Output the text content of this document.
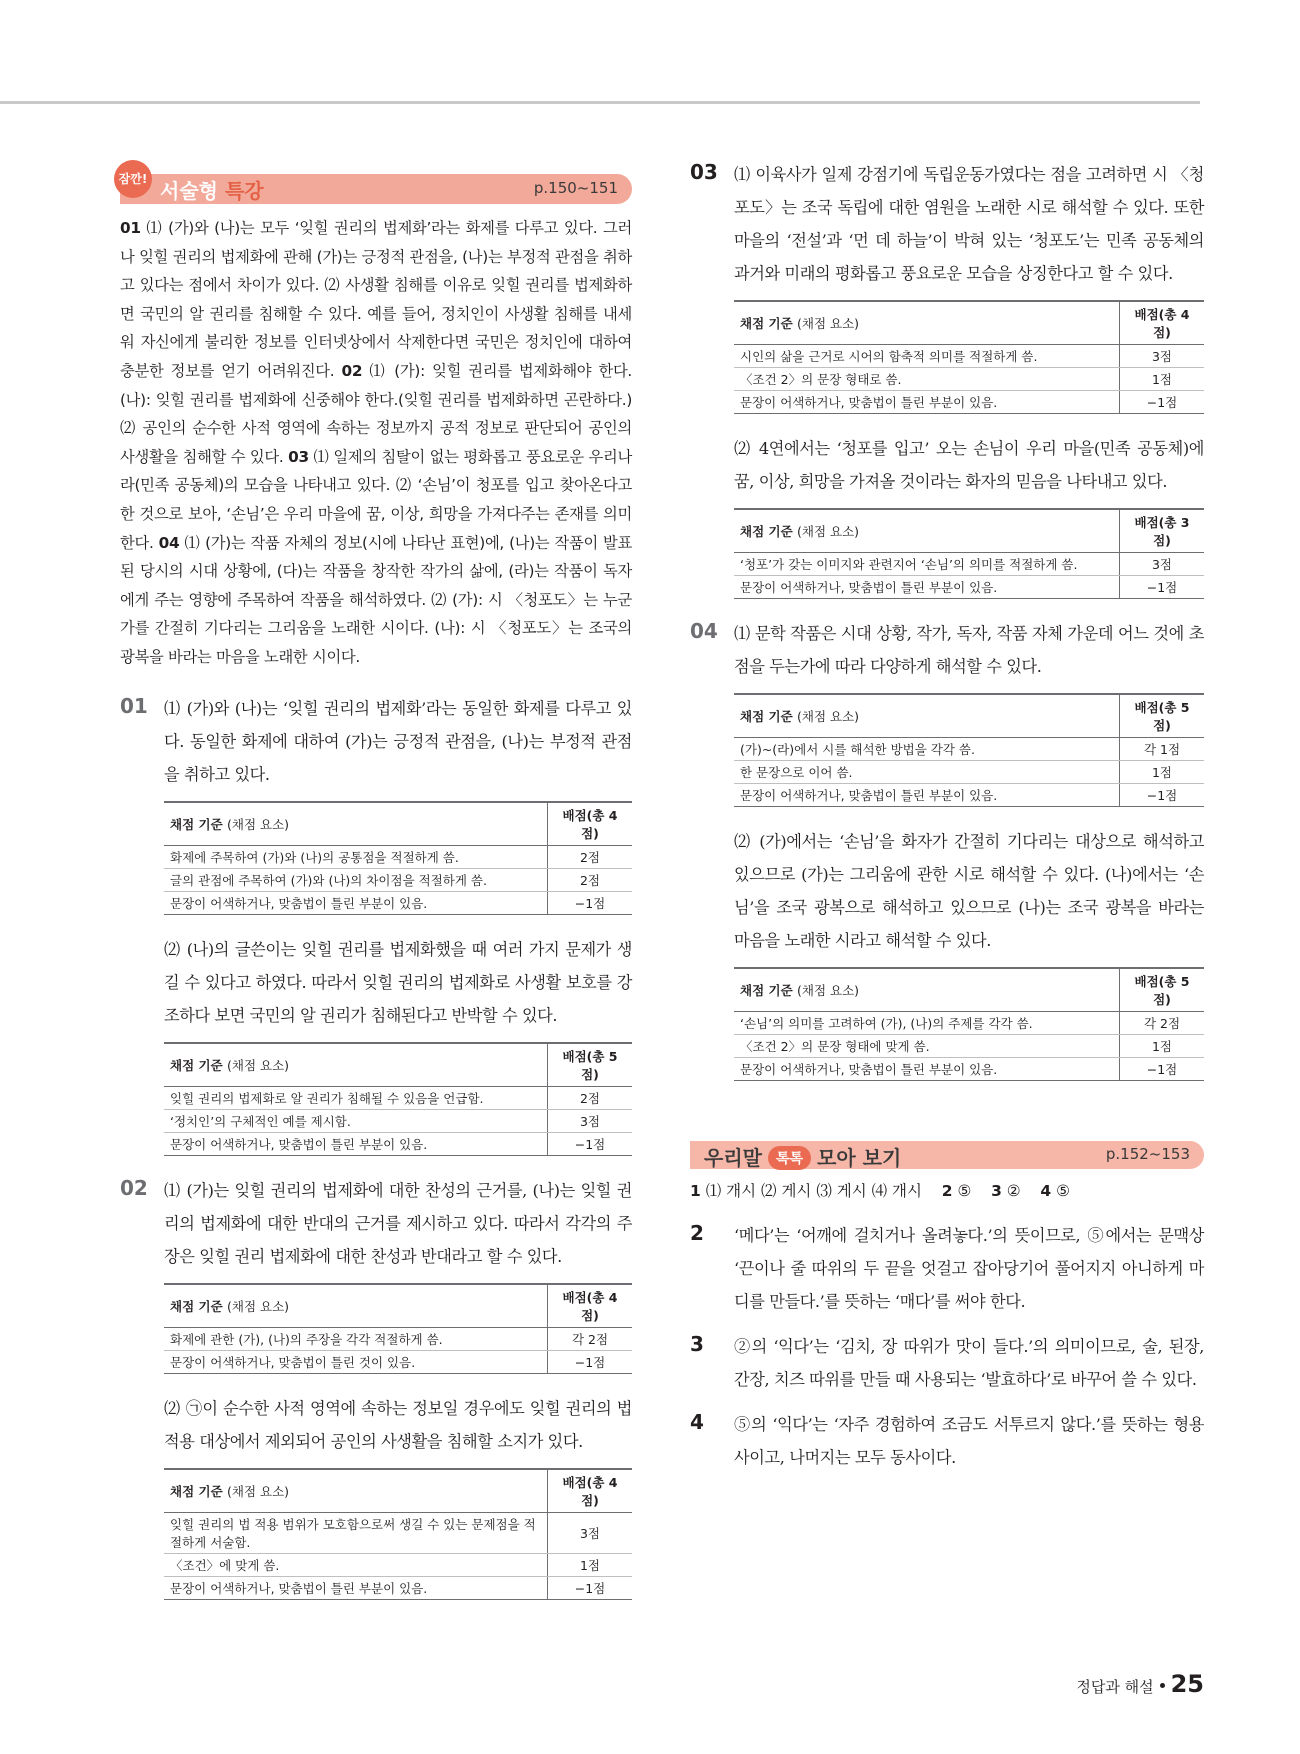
잠깐! 서술형 특강	p.150~151
01 ⑴ (가)와 (나)는 모두 ‘잊힐 권리의 법제화’라는 화제를 다루고 있다. 그러나 잊힐 권리의 법제화에 관해 (가)는 긍정적 관점을, (나)는 부정적 관점을 취하고 있다는 점에서 차이가 있다. ⑵ 사생활 침해를 이유로 잊힐 권리를 법제화하면 국민의 알 권리를 침해할 수 있다. 예를 들어, 정치인이 사생활 침해를 내세워 자신에게 불리한 정보를 인터넷상에서 삭제한다면 국민은 정치인에 대하여 충분한 정보를 얻기 어려워진다. 02 ⑴ (가): 잊힐 권리를 법제화해야 한다. (나): 잊힐 권리를 법제화에 신중해야 한다.(잊힐 권리를 법제화하면 곤란하다.) ⑵ 공인의 순수한 사적 영역에 속하는 정보까지 공적 정보로 판단되어 공인의 사생활을 침해할 수 있다. 03 ⑴ 일제의 침탈이 없는 평화롭고 풍요로운 우리나라(민족 공동체)의 모습을 나타내고 있다. ⑵ ‘손님’이 청포를 입고 찾아온다고 한 것으로 보아, ‘손님’은 우리 마을에 꿈, 이상, 희망을 가져다주는 존재를 의미한다. 04 ⑴ (가)는 작품 자체의 정보(시에 나타난 표현)에, (나)는 작품이 발표된 당시의 시대 상황에, (다)는 작품을 창작한 작가의 삶에, (라)는 작품이 독자에게 주는 영향에 주목하여 작품을 해석하였다. ⑵ (가): 시 〈청포도〉는 누군가를 간절히 기다리는 그리움을 노래한 시이다. (나): 시 〈청포도〉는 조국의 광복을 바라는 마음을 노래한 시이다.
01 ⑴ (가)와 (나)는 ‘잊힐 권리의 법제화’라는 동일한 화제를 다루고 있다. 동일한 화제에 대하여 (가)는 긍정적 관점을, (나)는 부정적 관점을 취하고 있다.

채점 기준 (채점 요소)	배점(총 4점)
화제에 주목하여 (가)와 (나)의 공통점을 적절하게 씀.	2점
글의 관점에 주목하여 (가)와 (나)의 차이점을 적절하게 씀.	2점
문장이 어색하거나, 맞춤법이 틀린 부분이 있음.	−1점

⑵ (나)의 글쓴이는 잊힐 권리를 법제화했을 때 여러 가지 문제가 생길 수 있다고 하였다. 따라서 잊힐 권리의 법제화로 사생활 보호를 강조하다 보면 국민의 알 권리가 침해된다고 반박할 수 있다.

채점 기준 (채점 요소)	배점(총 5점)
잊힐 권리의 법제화로 알 권리가 침해될 수 있음을 언급함.	2점
‘정치인’의 구체적인 예를 제시함.	3점
문장이 어색하거나, 맞춤법이 틀린 부분이 있음.	−1점
02 ⑴ (가)는 잊힐 권리의 법제화에 대한 찬성의 근거를, (나)는 잊힐 권리의 법제화에 대한 반대의 근거를 제시하고 있다. 따라서 각각의 주장은 잊힐 권리 법제화에 대한 찬성과 반대라고 할 수 있다.

채점 기준 (채점 요소)	배점(총 4점)
화제에 관한 (가), (나)의 주장을 각각 적절하게 씀.	각 2점
문장이 어색하거나, 맞춤법이 틀린 것이 있음.	−1점

⑵ ㉠이 순수한 사적 영역에 속하는 정보일 경우에도 잊힐 권리의 법 적용 대상에서 제외되어 공인의 사생활을 침해할 소지가 있다.

채점 기준 (채점 요소)	배점(총 4점)
잊힐 권리의 법 적용 범위가 모호함으로써 생길 수 있는 문제점을 적절하게 서술함.	3점
〈조건〉에 맞게 씀.	1점
문장이 어색하거나, 맞춤법이 틀린 부분이 있음.	−1점
03 ⑴ 이육사가 일제 강점기에 독립운동가였다는 점을 고려하면 시 〈청포도〉는 조국 독립에 대한 염원을 노래한 시로 해석할 수 있다. 또한 마을의 ‘전설’과 ‘먼 데 하늘’이 박혀 있는 ‘청포도’는 민족 공동체의 과거와 미래의 평화롭고 풍요로운 모습을 상징한다고 할 수 있다.

채점 기준 (채점 요소)	배점(총 4점)
시인의 삶을 근거로 시어의 함축적 의미를 적절하게 씀.	3점
〈조건 2〉의 문장 형태로 씀.	1점
문장이 어색하거나, 맞춤법이 틀린 부분이 있음.	−1점

⑵ 4연에서는 ‘청포를 입고’ 오는 손님이 우리 마을(민족 공동체)에 꿈, 이상, 희망을 가져올 것이라는 화자의 믿음을 나타내고 있다.

채점 기준 (채점 요소)	배점(총 3점)
‘청포’가 갖는 이미지와 관련지어 ‘손님’의 의미를 적절하게 씀.	3점
문장이 어색하거나, 맞춤법이 틀린 부분이 있음.	−1점
04 ⑴ 문학 작품은 시대 상황, 작가, 독자, 작품 자체 가운데 어느 것에 초점을 두는가에 따라 다양하게 해석할 수 있다.

채점 기준 (채점 요소)	배점(총 5점)
(가)~(라)에서 시를 해석한 방법을 각각 씀.	각 1점
한 문장으로 이어 씀.	1점
문장이 어색하거나, 맞춤법이 틀린 부분이 있음.	−1점

⑵ (가)에서는 ‘손님’을 화자가 간절히 기다리는 대상으로 해석하고 있으므로 (가)는 그리움에 관한 시로 해석할 수 있다. (나)에서는 ‘손님’을 조국 광복으로 해석하고 있으므로 (나)는 조국 광복을 바라는 마음을 노래한 시라고 해석할 수 있다.

채점 기준 (채점 요소)	배점(총 5점)
‘손님’의 의미를 고려하여 (가), (나)의 주제를 각각 씀.	각 2점
〈조건 2〉의 문장 형태에 맞게 씀.	1점
문장이 어색하거나, 맞춤법이 틀린 부분이 있음.	−1점
우리말 톡톡 모아 보기	p.152~153
1 ⑴ 개시 ⑵ 게시 ⑶ 게시 ⑷ 개시 2 ⑤ 3 ② 4 ⑤
2 ‘메다’는 ‘어깨에 걸치거나 올려놓다.’의 뜻이므로, ⑤에서는 문맥상 ‘끈이나 줄 따위의 두 끝을 엇걸고 잡아당기어 풀어지지 아니하게 마디를 만들다.’를 뜻하는 ‘매다’를 써야 한다.

3 ②의 ‘익다’는 ‘김치, 장 따위가 맛이 들다.’의 의미이므로, 술, 된장, 간장, 치즈 따위를 만들 때 사용되는 ‘발효하다’로 바꾸어 쓸 수 있다.

4 ⑤의 ‘익다’는 ‘자주 경험하여 조금도 서투르지 않다.’를 뜻하는 형용사이고, 나머지는 모두 동사이다.

정답과 해설 25
